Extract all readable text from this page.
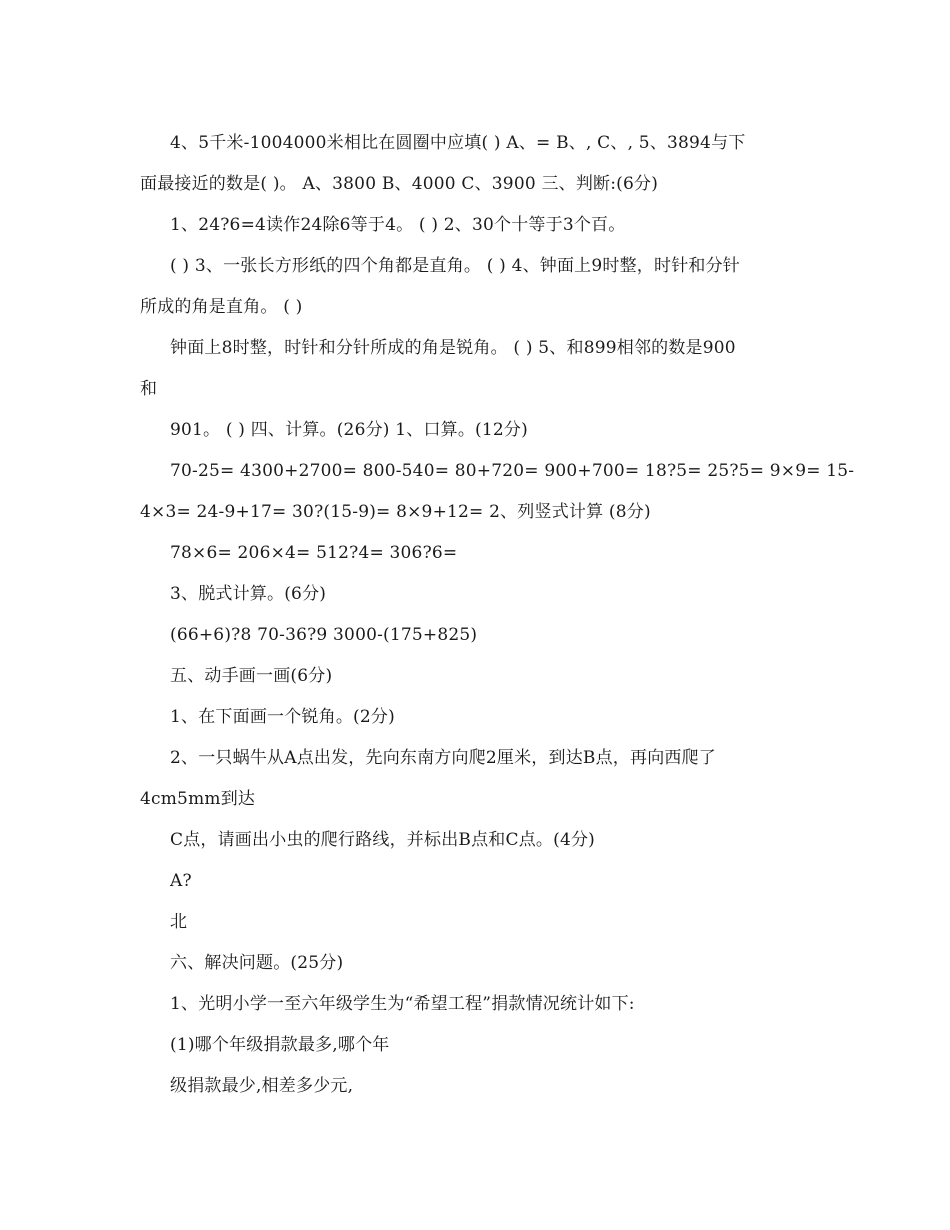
4、5千米-1004000米相比在圆圈中应填( ) A、= B、, C、, 5、3894与下
面最接近的数是( )。 A、3800 B、4000 C、3900 三、判断:(6分)
1、24?6=4读作24除6等于4。 ( ) 2、30个十等于3个百。
( ) 3、一张长方形纸的四个角都是直角。 ( ) 4、钟面上9时整，时针和分针
所成的角是直角。 ( )
钟面上8时整，时针和分针所成的角是锐角。 ( ) 5、和899相邻的数是900
和
901。 ( ) 四、计算。(26分) 1、口算。(12分)
70-25= 4300+2700= 800-540= 80+720= 900+700= 18?5= 25?5= 9×9= 15-
4×3= 24-9+17= 30?(15-9)= 8×9+12= 2、列竖式计算 (8分)
78×6= 206×4= 512?4= 306?6=
3、脱式计算。(6分)
(66+6)?8 70-36?9 3000-(175+825)
五、动手画一画(6分)
1、在下面画一个锐角。(2分)
2、一只蜗牛从A点出发，先向东南方向爬2厘米，到达B点，再向西爬了
4cm5mm到达
C点，请画出小虫的爬行路线，并标出B点和C点。(4分)
A?
北
六、解决问题。(25分)
1、光明小学一至六年级学生为“希望工程”捐款情况统计如下:
(1)哪个年级捐款最多,哪个年
级捐款最少,相差多少元,
